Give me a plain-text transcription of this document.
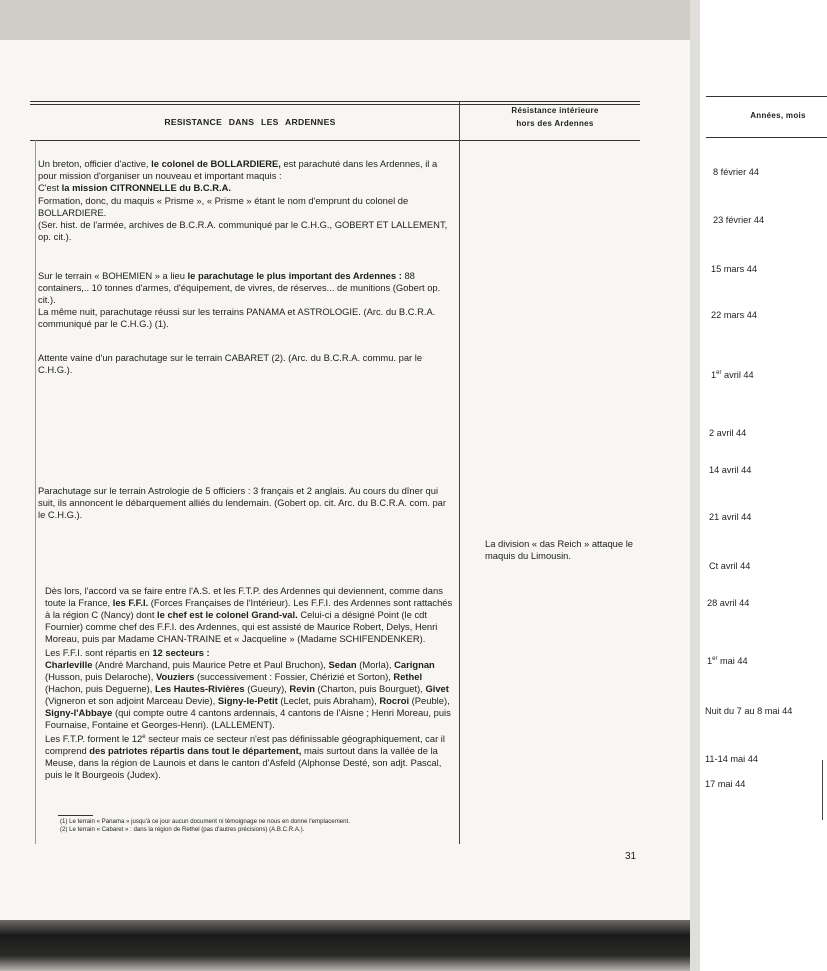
RESISTANCE DANS LES ARDENNES
Résistance intérieure
hors des Ardennes
Années, mois

Un breton, officier d'active, le colonel de BOLLARDIERE, est parachuté dans les Ardennes, il a pour mission d'organiser un nouveau et important maquis :

C'est la mission CITRONNELLE du B.C.R.A.

Formation, donc, du maquis « Prisme », « Prisme » étant le nom d'emprunt du colonel de BOLLARDIERE.

(Ser. hist. de l'armée, archives de B.C.R.A. communiqué par le C.H.G., GOBERT ET LALLEMENT, op. cit.).

Sur le terrain « BOHEMIEN » a lieu le parachutage le plus important des Ardennes : 88 containers,.. 10 tonnes d'armes, d'équipement, de vivres, de réserves... de munitions (Gobert op. cit.).

La même nuit, parachutage réussi sur les terrains PANAMA et ASTROLOGIE. (Arc. du B.C.R.A. communiqué par le C.H.G.) (1).

Attente vaine d'un parachutage sur le terrain CABARET (2). (Arc. du B.C.R.A. commu. par le C.H.G.).
Parachutage sur le terrain Astrologie de 5 officiers : 3 français et 2 anglais. Au cours du dîner qui suit, ils annoncent le débarquement alliés du lendemain. (Gobert op. cit. Arc. du B.C.R.A. com. par le C.H.G.).
La division « das Reich » attaque le maquis du Limousin.

Dès lors, l'accord va se faire entre l'A.S. et les F.T.P. des Ardennes qui deviennent, comme dans toute la France, les F.F.I. (Forces Françaises de l'Intérieur). Les F.F.I. des Ardennes sont rattachés à la région C (Nancy) dont le chef est le colonel Grand-val. Celui-ci a désigné Point (le cdt Fournier) comme chef des F.F.I. des Ardennes, qui est assisté de Maurice Robert, Delys, Henri Moreau, puis par Madame CHAN-TRAINE et « Jacqueline » (Madame SCHIFENDENKER).

Les F.F.I. sont répartis en 12 secteurs :
Charleville (André Marchand, puis Maurice Petre et Paul Bruchon), Sedan (Morla), Carignan (Husson, puis Delaroche), Vouziers (successivement : Fossier, Chérizié et Sorton), Rethel (Hachon, puis Deguerne), Les Hautes-Rivières (Gueury), Revin (Charton, puis Bourguet), Givet (Vigneron et son adjoint Marceau Devie), Signy-le-Petit (Leclet, puis Abraham), Rocroi (Peuble), Signy-l'Abbaye (qui compte outre 4 cantons ardennais, 4 cantons de l'Aisne ; Henri Moreau, puis Fournaise, Fontaine et Georges-Henri). (LALLEMENT).

Les F.T.P. forment le 12e secteur mais ce secteur n'est pas définissable géographiquement, car il comprend des patriotes répartis dans tout le département, mais surtout dans la vallée de la Meuse, dans la région de Launois et dans le canton d'Asfeld (Alphonse Desté, son adjt. Pascal, puis le lt Bourgeois (Judex).

(1) Le terrain « Panama » jusqu'à ce jour aucun document ni témoignage ne nous en donne l'emplacement.
(2) Le terrain « Cabaret » : dans la région de Rethel (pas d'autres précisions) (A.B.C.R.A.).
8 février 44
23 février 44
15 mars 44
22 mars 44
1er avril 44
2 avril 44
14 avril 44
21 avril 44
Ct avril 44
28 avril 44
1er mai 44
Nuit du 7 au 8 mai 44
11-14 mai 44
17 mai 44
31
